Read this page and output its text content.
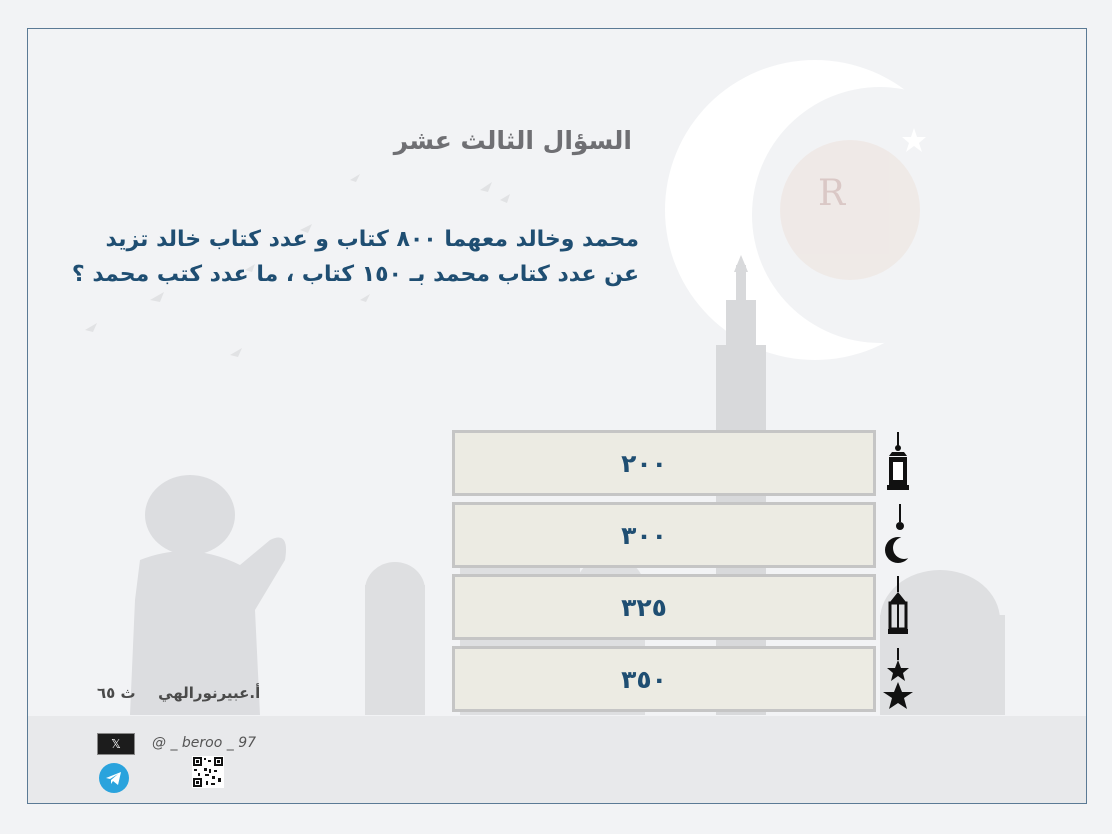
R
السؤال الثالث عشر
محمد وخالد معهما ٨٠٠ كتاب و عدد كتاب خالد تزيد عن عدد كتاب محمد بـ ١٥٠ كتاب ، ما عدد كتب محمد ؟
٢٠٠
٣٠٠
٣٢٥
٣٥٠
أ.عبيرنورالهي  ث ٦٥
𝕏	@ _ beroo _ 97
